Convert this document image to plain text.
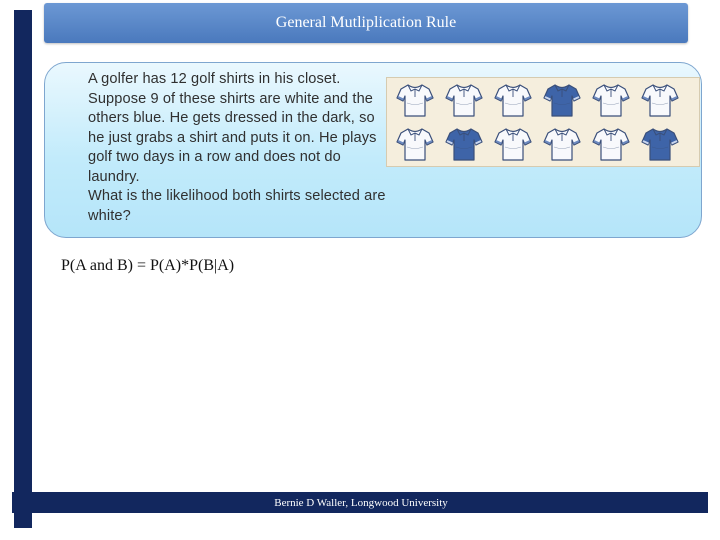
General Mutliplication Rule

A golfer has 12 golf shirts in his closet. Suppose 9 of these shirts are white and the others blue. He gets dressed in the dark, so he just grabs a shirt and puts it on. He plays golf two days in a row and does not do laundry.

What is the likelihood both shirts selected are white?

P(A and B) = P(A)*P(B|A)
Bernie D Waller, Longwood University
